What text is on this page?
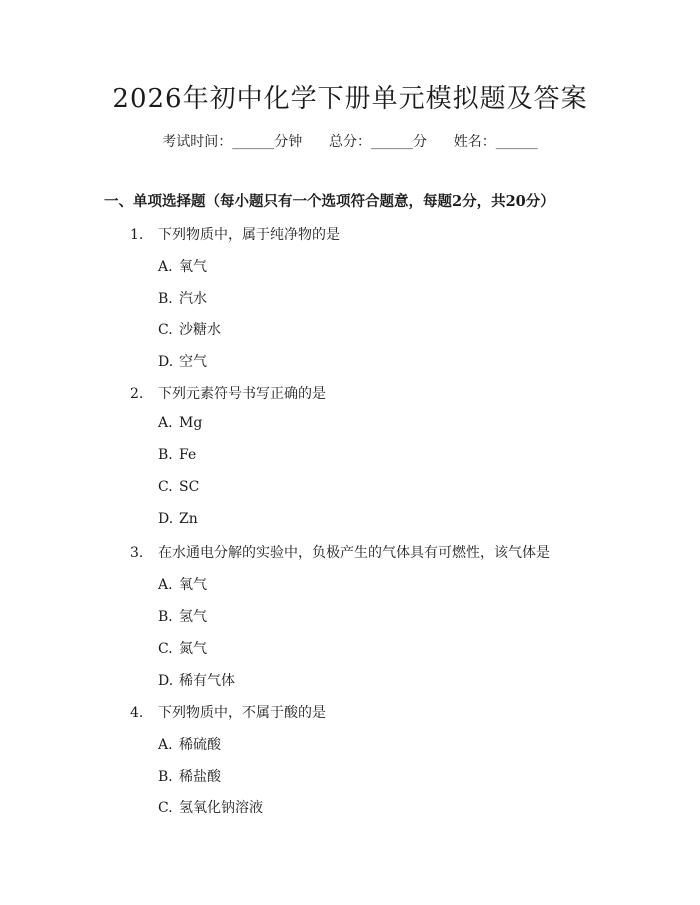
2026年初中化学下册单元模拟题及答案
考试时间：______分钟      总分：______分      姓名：______
一、单项选择题（每小题只有一个选项符合题意，每题2分，共20分）
1. 下列物质中，属于纯净物的是
A. 氧气
B. 汽水
C. 沙糖水
D. 空气
2. 下列元素符号书写正确的是
A. Mg
B. Fe
C. SC
D. Zn
3. 在水通电分解的实验中，负极产生的气体具有可燃性，该气体是
A. 氧气
B. 氢气
C. 氮气
D. 稀有气体
4. 下列物质中，不属于酸的是
A. 稀硫酸
B. 稀盐酸
C. 氢氧化钠溶液
